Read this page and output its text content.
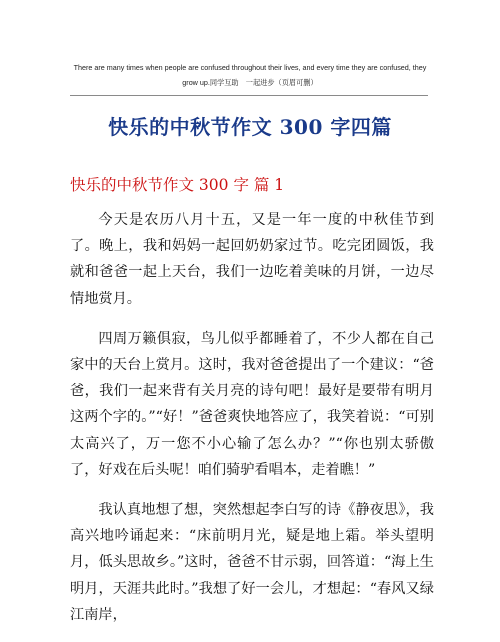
There are many times when people are confused throughout their lives, and every time they are confused, they
grow up.同学互助　一起进步（页眉可删）
快乐的中秋节作文 300 字四篇
快乐的中秋节作文 300 字 篇 1

今天是农历八月十五，又是一年一度的中秋佳节到了。晚上，我和妈妈一起回奶奶家过节。吃完团圆饭，我就和爸爸一起上天台，我们一边吃着美味的月饼，一边尽情地赏月。

四周万籁俱寂，鸟儿似乎都睡着了，不少人都在自己家中的天台上赏月。这时，我对爸爸提出了一个建议：“爸爸，我们一起来背有关月亮的诗句吧！最好是要带有明月这两个字的。”“好！”爸爸爽快地答应了，我笑着说：“可别太高兴了，万一您不小心输了怎么办？”“你也别太骄傲了，好戏在后头呢！咱们骑驴看唱本，走着瞧！”

我认真地想了想，突然想起李白写的诗《静夜思》，我高兴地吟诵起来：“床前明月光，疑是地上霜。举头望明月，低头思故乡。”这时，爸爸不甘示弱，回答道：“海上生明月，天涯共此时。”我想了好一会儿，才想起：“春风又绿江南岸，
